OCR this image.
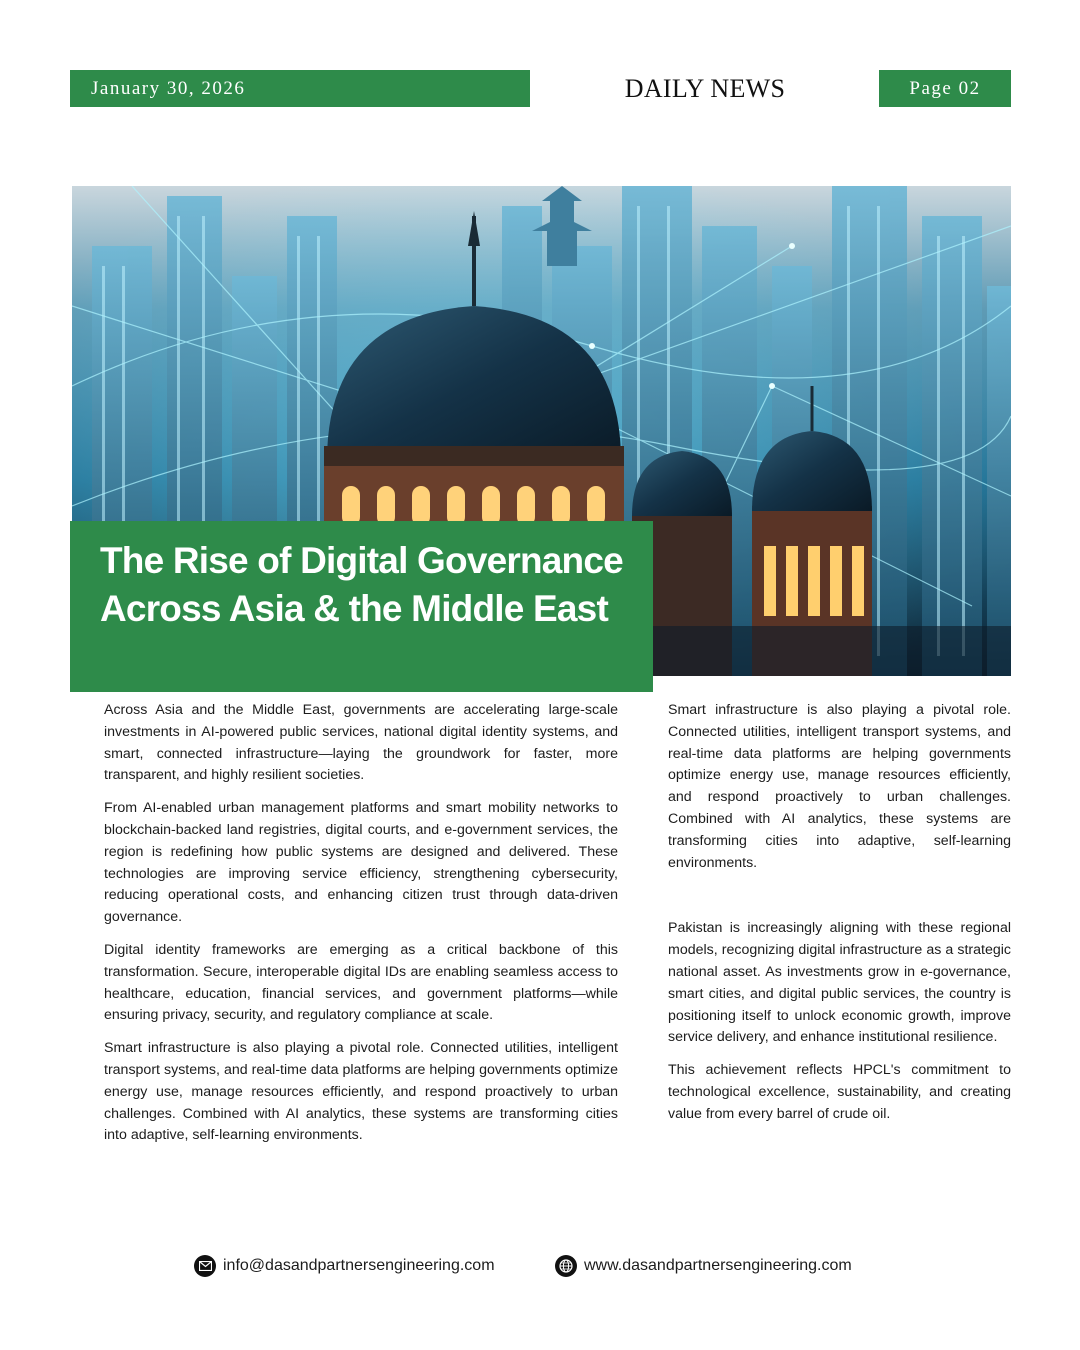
January 30, 2026	DAILY NEWS	Page 02
The Rise of Digital Governance Across Asia & the Middle East

Across Asia and the Middle East, governments are accelerating large-scale investments in AI-powered public services, national digital identity systems, and smart, connected infrastructure—laying the groundwork for faster, more transparent, and highly resilient societies.

From AI-enabled urban management platforms and smart mobility networks to blockchain-backed land registries, digital courts, and e-government services, the region is redefining how public systems are designed and delivered. These technologies are improving service efficiency, strengthening cybersecurity, reducing operational costs, and enhancing citizen trust through data-driven governance.

Digital identity frameworks are emerging as a critical backbone of this transformation. Secure, interoperable digital IDs are enabling seamless access to healthcare, education, financial services, and government platforms—while ensuring privacy, security, and regulatory compliance at scale.

Smart infrastructure is also playing a pivotal role. Connected utilities, intelligent transport systems, and real-time data platforms are helping governments optimize energy use, manage resources efficiently, and respond proactively to urban challenges. Combined with AI analytics, these systems are transforming cities into adaptive, self-learning environments.

Smart infrastructure is also playing a pivotal role. Connected utilities, intelligent transport systems, and real-time data platforms are helping governments optimize energy use, manage resources efficiently, and respond proactively to urban challenges. Combined with AI analytics, these systems are transforming cities into adaptive, self-learning environments.

Pakistan is increasingly aligning with these regional models, recognizing digital infrastructure as a strategic national asset. As investments grow in e-governance, smart cities, and digital public services, the country is positioning itself to unlock economic growth, improve service delivery, and enhance institutional resilience.

This achievement reflects HPCL's commitment to technological excellence, sustainability, and creating value from every barrel of crude oil.

info@dasandpartnersengineering.com	www.dasandpartnersengineering.com
